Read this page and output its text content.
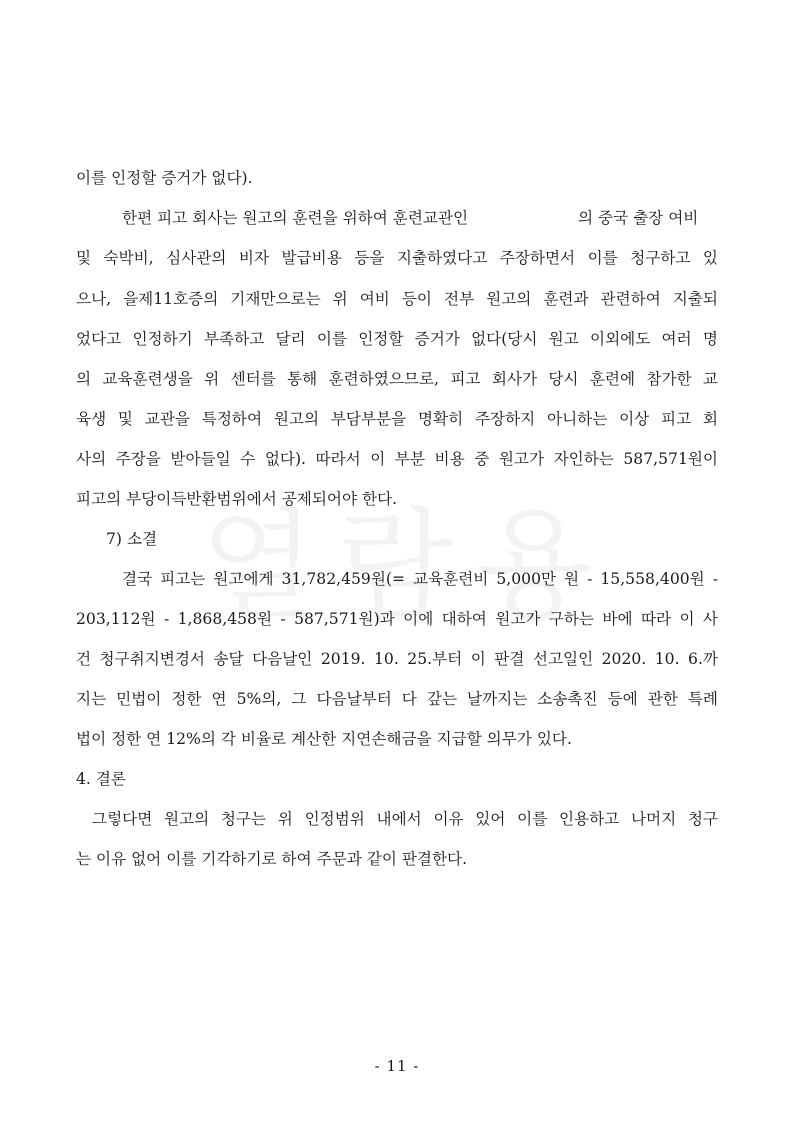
이를 인정할 증거가 없다).
한편 피고 회사는 원고의 훈련을 위하여 훈련교관인	의 중국 출장 여비
및 숙박비, 심사관의 비자 발급비용 등을 지출하였다고 주장하면서 이를 청구하고 있
으나, 을제11호증의 기재만으로는 위 여비 등이 전부 원고의 훈련과 관련하여 지출되
었다고 인정하기 부족하고 달리 이를 인정할 증거가 없다(당시 원고 이외에도 여러 명
의 교육훈련생을 위 센터를 통해 훈련하였으므로, 피고 회사가 당시 훈련에 참가한 교
육생 및 교관을 특정하여 원고의 부담부분을 명확히 주장하지 아니하는 이상 피고 회
사의 주장을 받아들일 수 없다). 따라서 이 부분 비용 중 원고가 자인하는 587,571원이
피고의 부당이득반환범위에서 공제되어야 한다.
7) 소결
결국 피고는 원고에게 31,782,459원(= 교육훈련비 5,000만 원 - 15,558,400원 -
203,112원 - 1,868,458원 - 587,571원)과 이에 대하여 원고가 구하는 바에 따라 이 사
건 청구취지변경서 송달 다음날인 2019. 10. 25.부터 이 판결 선고일인 2020. 10. 6.까
지는 민법이 정한 연 5%의, 그 다음날부터 다 갚는 날까지는 소송촉진 등에 관한 특례
법이 정한 연 12%의 각 비율로 계산한 지연손해금을 지급할 의무가 있다.
4. 결론
그렇다면 원고의 청구는 위 인정범위 내에서 이유 있어 이를 인용하고 나머지 청구
는 이유 없어 이를 기각하기로 하여 주문과 같이 판결한다.
- 11 -
